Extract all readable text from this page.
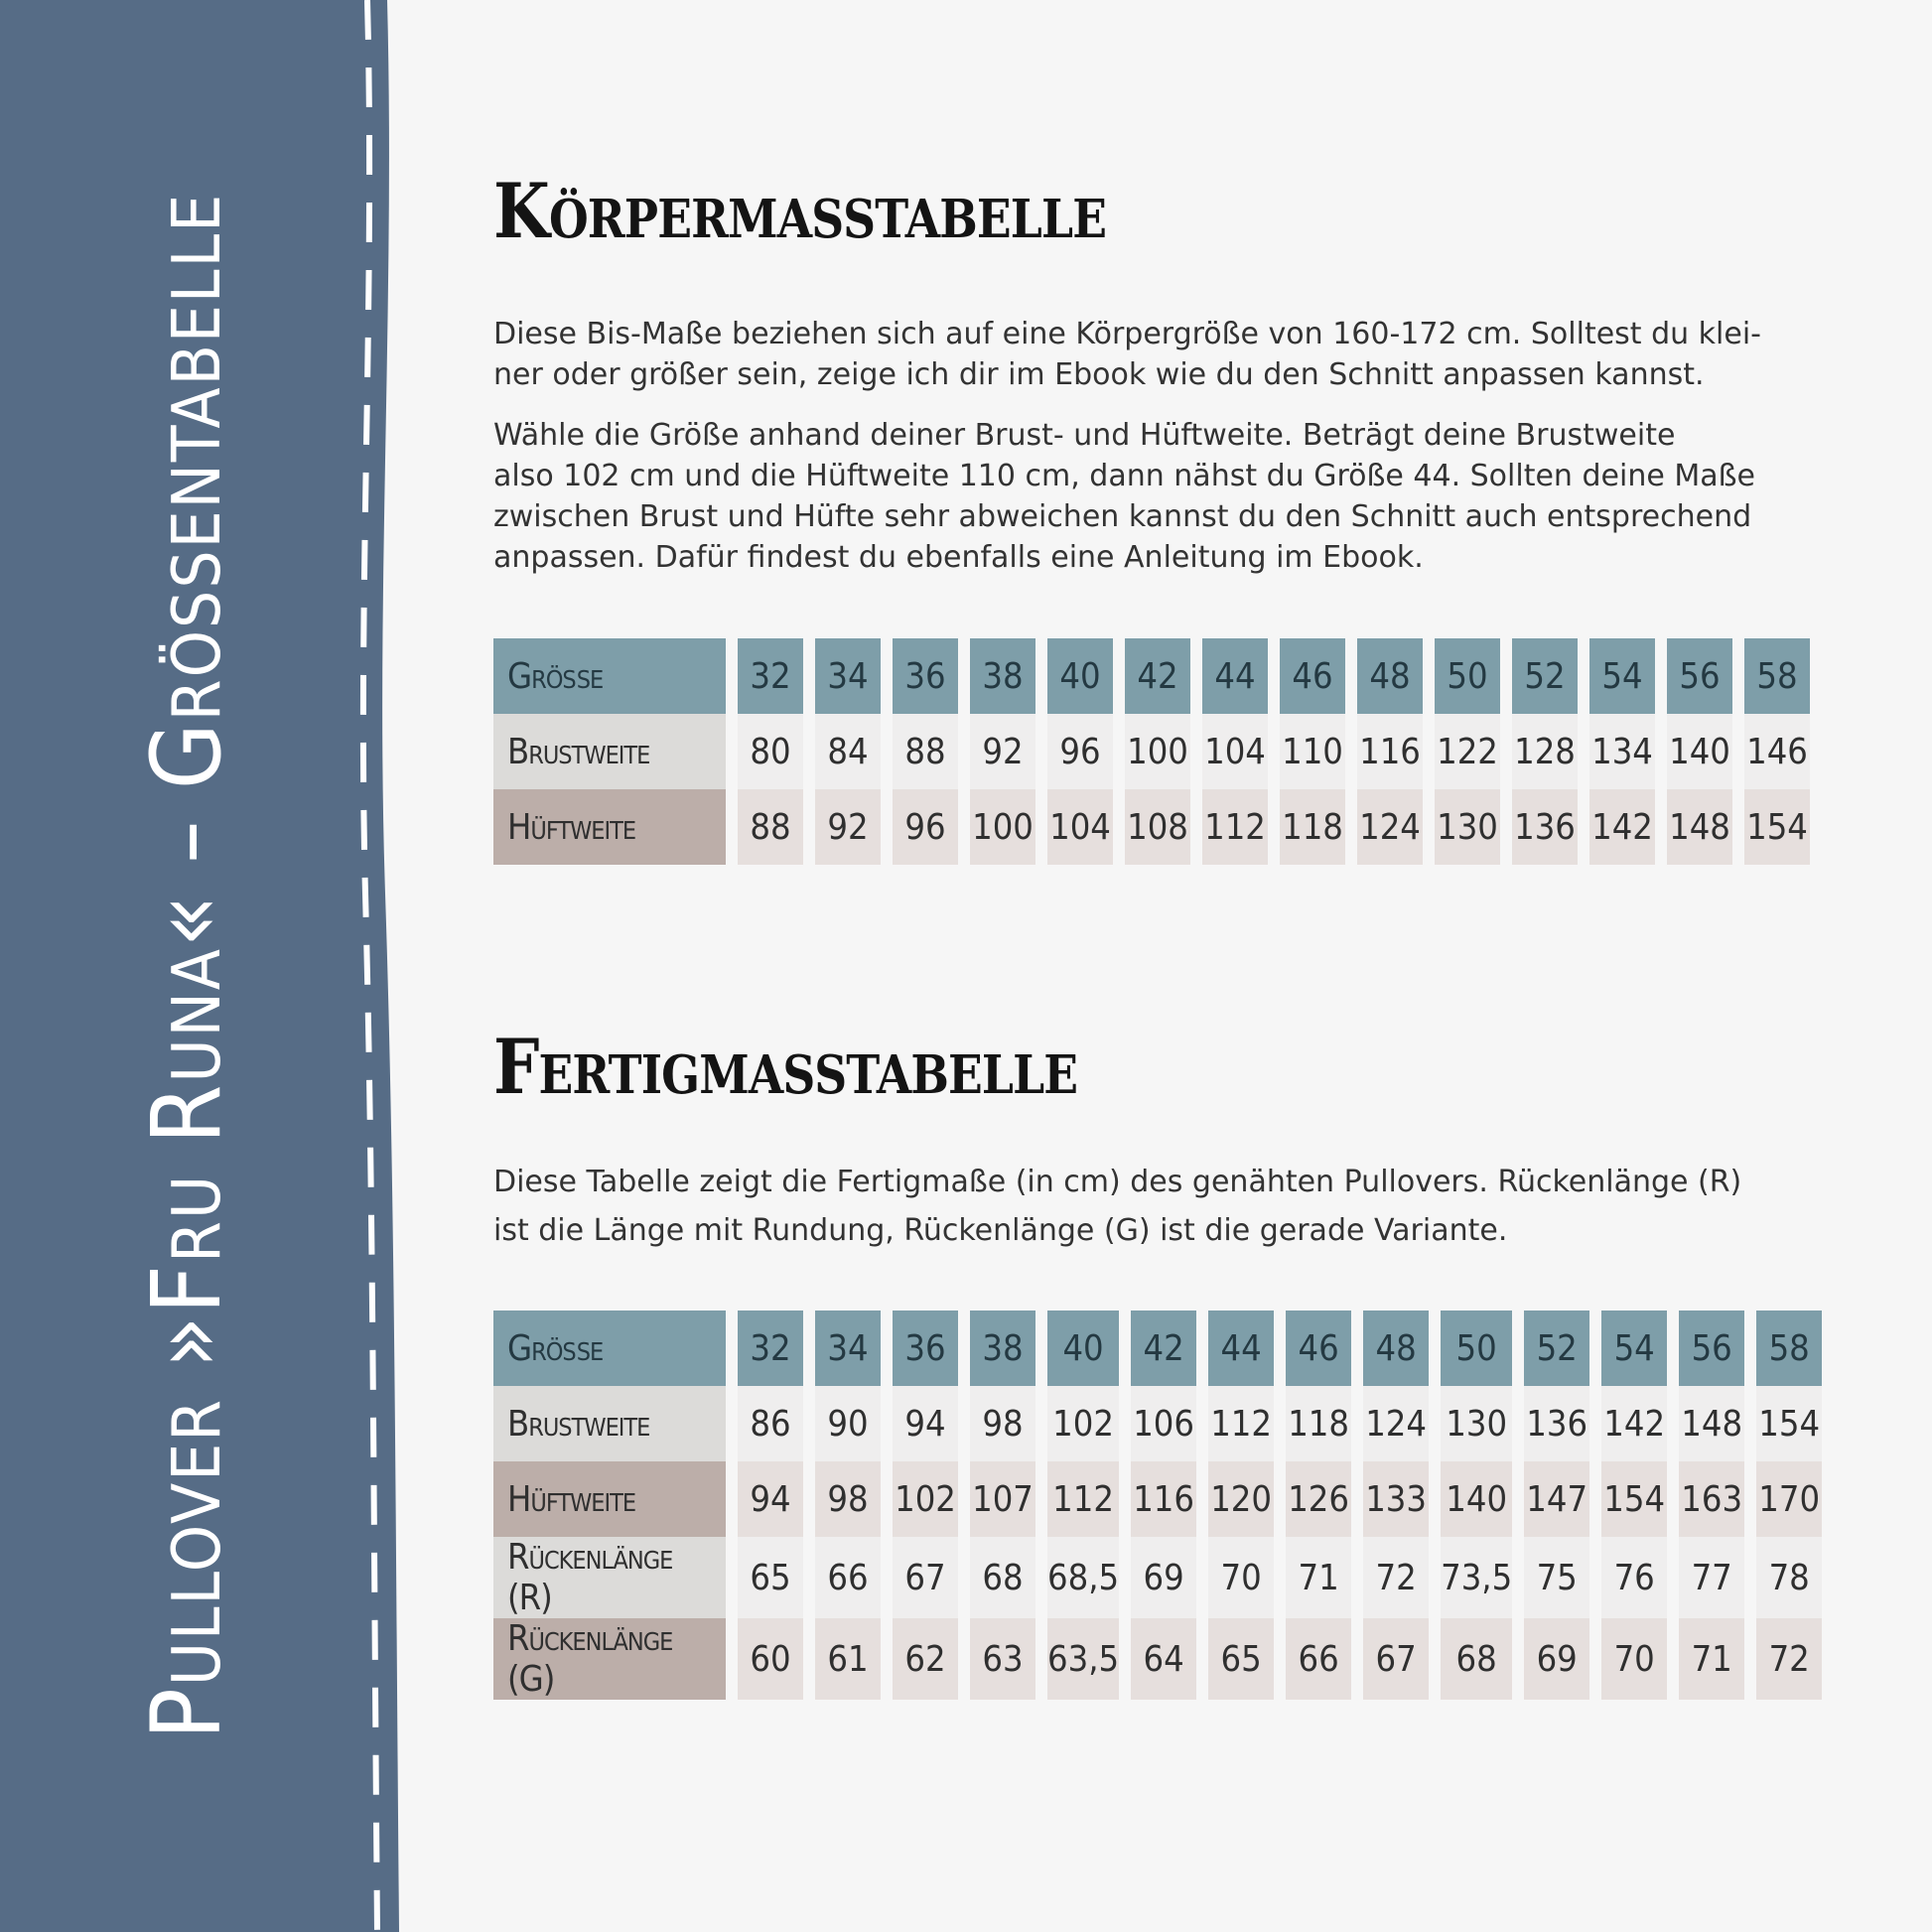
Pullover »Fru Runa« – Grössentabelle	Körpermaßtabelle
Diese Bis-Maße beziehen sich auf eine Körpergröße von 160-172 cm. Solltest du klei-
ner oder größer sein, zeige ich dir im Ebook wie du den Schnitt anpassen kannst.
Wähle die Größe anhand deiner Brust- und Hüftweite. Beträgt deine Brustweite
also 102 cm und die Hüftweite 110 cm, dann nähst du Größe 44. Sollten deine Maße
zwischen Brust und Hüfte sehr abweichen kannst du den Schnitt auch entsprechend
anpassen. Dafür findest du ebenfalls eine Anleitung im Ebook.
Größe	32	34	36	38	40	42	44	46	48	50	52	54	56	58
Brustweite	80	84	88	92	96	100	104	110	116	122	128	134	140	146
Hüftweite	88	92	96	100	104	108	112	118	124	130	136	142	148	154
Fertigmaßtabelle
Diese Tabelle zeigt die Fertigmaße (in cm) des genähten Pullovers. Rückenlänge (R)
ist die Länge mit Rundung, Rückenlänge (G) ist die gerade Variante.
Größe	32	34	36	38	40	42	44	46	48	50	52	54	56	58
Brustweite	86	90	94	98	102	106	112	118	124	130	136	142	148	154
Hüftweite	94	98	102	107	112	116	120	126	133	140	147	154	163	170
Rückenlänge (R)	65	66	67	68	68,5	69	70	71	72	73,5	75	76	77	78
Rückenlänge (G)	60	61	62	63	63,5	64	65	66	67	68	69	70	71	72
